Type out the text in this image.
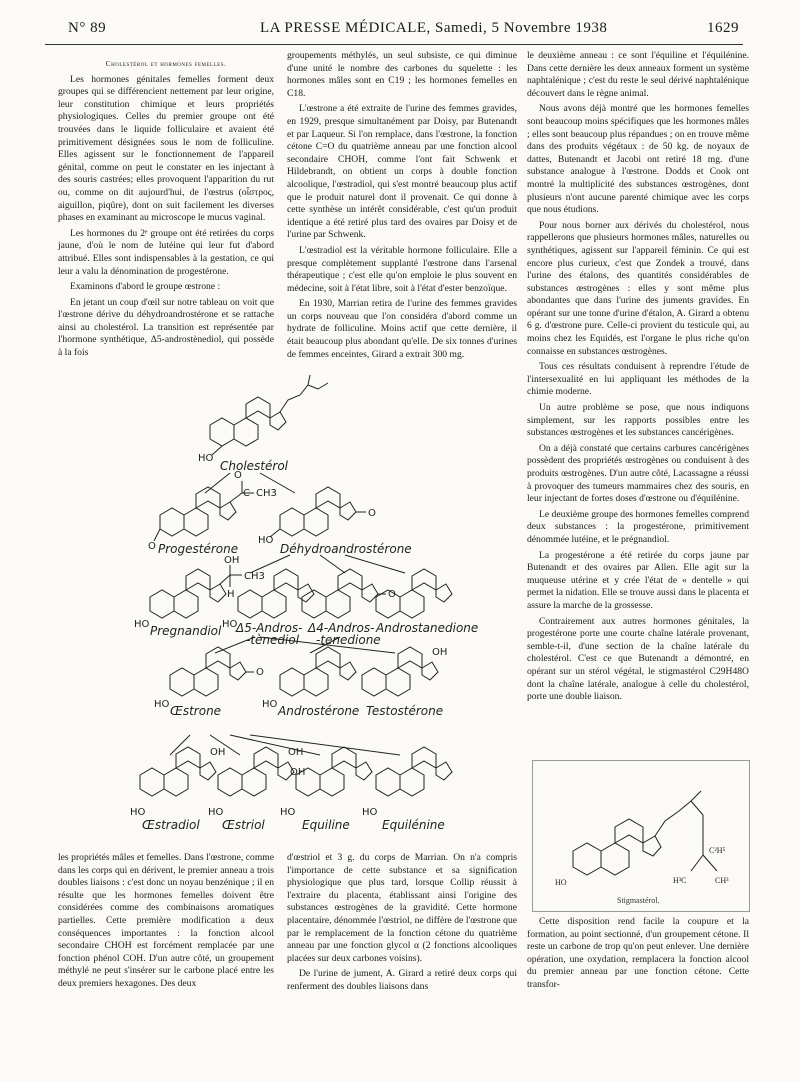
N° 89	LA PRESSE MÉDICALE, Samedi, 5 Novembre 1938	1629

Cholestérol et hormones femelles.

Les hormones génitales femelles forment deux groupes qui se différencient nettement par leur origine, leur constitution chimique et leurs propriétés physiologiques. Celles du premier groupe ont été trouvées dans le liquide folliculaire et avaient été primitivement désignées sous le nom de folliculine. Elles agissent sur le fonctionnement de l'appareil génital, comme on peut le constater en les injectant à des souris castrées; elles provoquent l'apparition du rut ou, comme on dit aujourd'hui, de l'œstrus (οἶστρος, aiguillon, piqûre), dont on suit facilement les diverses phases en examinant au microscope le mucus vaginal.

Les hormones du 2ᵉ groupe ont été retirées du corps jaune, d'où le nom de lutéine qui leur fut d'abord attribué. Elles sont indispensables à la gestation, ce qui leur a valu la dénomination de progestérone.

Examinons d'abord le groupe œstrone :

En jetant un coup d'œil sur notre tableau on voit que l'œstrone dérive du déhydroandrostérone et se rattache ainsi au cholestérol. La transition est représentée par l'hormone synthétique, Δ5-androstènediol, qui possède à la fois

groupements méthylés, un seul subsiste, ce qui diminue d'une unité le nombre des carbones du squelette : les hormones mâles sont en C19 ; les hormones femelles en C18.

L'œstrone a été extraite de l'urine des femmes gravides, en 1929, presque simultanément par Doisy, par Butenandt et par Laqueur. Si l'on remplace, dans l'œstrone, la fonction cétone C=O du quatrième anneau par une fonction alcool secondaire CHOH, comme l'ont fait Schwenk et Hildebrandt, on obtient un corps à double fonction alcoolique, l'œstradiol, qui s'est montré beaucoup plus actif que le produit naturel dont il provenait. Ce qui donne à cette synthèse un intérêt considérable, c'est qu'un produit identique a été retiré plus tard des ovaires par Doisy et de l'urine par Schwenk.

L'œstradiol est la véritable hormone folliculaire. Elle a presque complètement supplanté l'œstrone dans l'arsenal thérapeutique ; c'est elle qu'on emploie le plus souvent en médecine, soit à l'état libre, soit à l'état d'ester benzoïque.

En 1930, Marrian retira de l'urine des femmes gravides un corps nouveau que l'on considéra d'abord comme un hydrate de folliculine. Moins actif que cette dernière, il était beaucoup plus abondant qu'elle. De six tonnes d'urines de femmes enceintes, Girard a extrait 300 mg.

le deuxième anneau : ce sont l'équiline et l'équilénine. Dans cette dernière les deux anneaux forment un système naphtalénique ; c'est du reste le seul dérivé naphtalénique découvert dans le règne animal.

Nous avons déjà montré que les hormones femelles sont beaucoup moins spécifiques que les hormones mâles ; elles sont beaucoup plus répandues ; on en trouve même dans des produits végétaux : de 50 kg. de noyaux de dattes, Butenandt et Jacobi ont retiré 18 mg. d'une substance analogue à l'œstrone. Dodds et Cook ont montré la multiplicité des substances œstrogènes, dont plusieurs n'ont aucune parenté chimique avec les corps que nous étudions.

Pour nous borner aux dérivés du cholestérol, nous rappellerons que plusieurs hormones mâles, naturelles ou synthétiques, agissent sur l'appareil féminin. Ce qui est encore plus curieux, c'est que Zondek a trouvé, dans l'urine des étalons, des quantités considérables de substances œstrogènes : elles y sont même plus abondantes que dans l'urine des juments gravides. En opérant sur une tonne d'urine d'étalon, A. Girard a obtenu 6 g. d'œstrone pure. Celle-ci provient du testicule qui, au moins chez les Equidés, est l'organe le plus riche qu'on connaisse en substances œstrogènes.

Tous ces résultats conduisent à reprendre l'étude de l'intersexualité en lui appliquant les méthodes de la chimie moderne.

Un autre problème se pose, que nous indiquons simplement, sur les rapports possibles entre les substances œstrogènes et les substances cancérigènes.

On a déjà constaté que certains carbures cancérigènes possèdent des propriétés œstrogènes ou conduisent à des produits œstrogènes. D'un autre côté, Lacassagne a réussi à provoquer des tumeurs mammaires chez des souris, en leur injectant de fortes doses d'œstrone ou d'équilénine.

Le deuxième groupe des hormones femelles comprend deux substances : la progestérone, primitivement dénommée lutéine, et le prégnandiol.

La progestérone a été retirée du corps jaune par Butenandt et des ovaires par Allen. Elle agit sur la muqueuse utérine et y crée l'état de « dentelle » qui permet la nidation. Elle se trouve aussi dans le placenta et assure la marche de la grossesse.

Contrairement aux autres hormones génitales, la progestérone porte une courte chaîne latérale provenant, semble-t-il, d'une section de la chaîne latérale du cholestérol. C'est ce que Butenandt a démontré, en opérant sur un stérol végétal, le stigmastérol C29H48O dont la chaîne latérale, analogue à celle du cholestérol, porte une double liaison.

Cholestérol
HO
O
C CH3
O Progestérone
O
HO
Déhydroandrostérone
OH
CH3
H
HO Pregnandiol HO
Δ5-Andros-
-tènediol
O
Δ4-Andros-
-tenedione
Androstanedione
O
HO Œstrone	HO Androstérone
OH
Testostérone
OH	OH
OH
HO
Œstradiol
HO
Œstriol
HO
Equiline
HO
Equilénine
HO
C²H⁵
H³C	CH³
Stigmastérol.

les propriétés mâles et femelles. Dans l'œstrone, comme dans les corps qui en dérivent, le premier anneau a trois doubles liaisons : c'est donc un noyau benzénique ; il en résulte que les hormones femelles doivent être considérées comme des combinaisons aromatiques partielles. Cette première modification a deux conséquences importantes : la fonction alcool secondaire CHOH est forcément remplacée par une fonction phénol COH. D'un autre côté, un groupement méthylé ne peut s'insérer sur le carbone placé entre les deux premiers hexagones. Des deux

d'œstriol et 3 g. du corps de Marrian. On n'a compris l'importance de cette substance et sa signification physiologique que plus tard, lorsque Collip réussit à l'extraire du placenta, établissant ainsi l'origine des substances œstrogènes de la gravidité. Cette hormone placentaire, dénommée l'œstriol, ne diffère de l'œstrone que par le remplacement de la fonction cétone du quatrième anneau par une fonction glycol α (2 fonctions alcooliques placées sur deux carbones voisins).

De l'urine de jument, A. Girard a retiré deux corps qui renferment des doubles liaisons dans

Cette disposition rend facile la coupure et la formation, au point sectionné, d'un groupement cétone. Il reste un carbone de trop qu'on peut enlever. Une dernière opération, une oxydation, remplacera la fonction alcool du premier anneau par une fonction cétone. Cette transfor-
